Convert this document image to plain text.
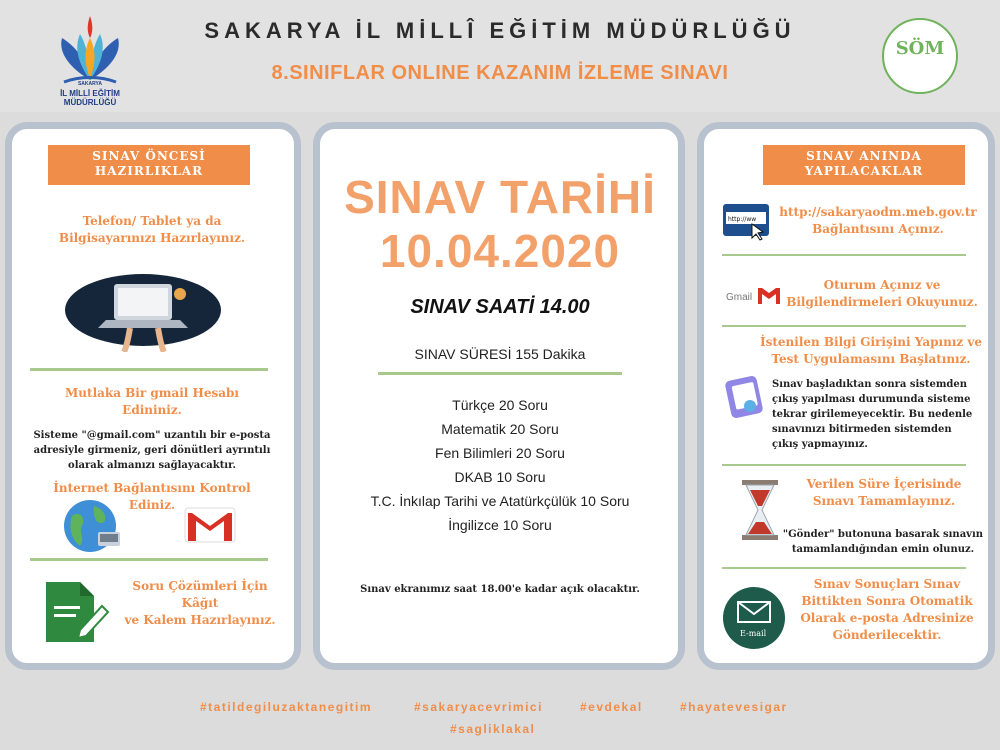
SAKARYA
İL MİLLİ EĞİTİM
MÜDÜRLÜĞÜ
SAKARYA İL MİLLÎ EĞİTİM MÜDÜRLÜĞÜ
8.SINIFLAR ONLINE KAZANIM İZLEME SINAVI
SÖM
SINAV ÖNCESİ
HAZIRLIKLAR
Telefon/ Tablet ya da
Bilgisayarınızı Hazırlayınız.
Mutlaka Bir gmail Hesabı
Edininiz.
Sisteme "@gmail.com" uzantılı bir e-posta
adresiyle girmeniz, geri dönütleri ayrıntılı
olarak almanızı sağlayacaktır.
İnternet Bağlantısını Kontrol
Ediniz.
Soru Çözümleri İçin Kâğıt
ve Kalem Hazırlayınız.
SINAV TARİHİ
10.04.2020
SINAV SAATİ 14.00
SINAV SÜRESİ 155 Dakika
Türkçe 20 Soru
Matematik 20 Soru
Fen Bilimleri 20 Soru
DKAB 10 Soru
T.C. İnkılap Tarihi ve Atatürkçülük 10 Soru
İngilizce 10 Soru
Sınav ekranımız saat 18.00'e kadar açık olacaktır.
SINAV ANINDA
YAPILACAKLAR
http://ww
http://sakaryaodm.meb.gov.tr
Bağlantısını Açınız.
Gmail
Oturum Açınız ve
Bilgilendirmeleri Okuyunuz.
İstenilen Bilgi Girişini Yapınız ve
Test Uygulamasını Başlatınız.
Sınav başladıktan sonra sistemden
çıkış yapılması durumunda sisteme
tekrar girilemeyecektir. Bu nedenle
sınavınızı bitirmeden sistemden
çıkış yapmayınız.
Verilen Süre İçerisinde
Sınavı Tamamlayınız.
"Gönder" butonuna basarak sınavın
tamamlandığından emin olunuz.
E-mail
Sınav Sonuçları Sınav
Bittikten Sonra Otomatik
Olarak e-posta Adresinize
Gönderilecektir.
#tatildegiluzaktanegitim	#sakaryacevrimici	#evdekal	#hayatevesigar
#sagliklakal
